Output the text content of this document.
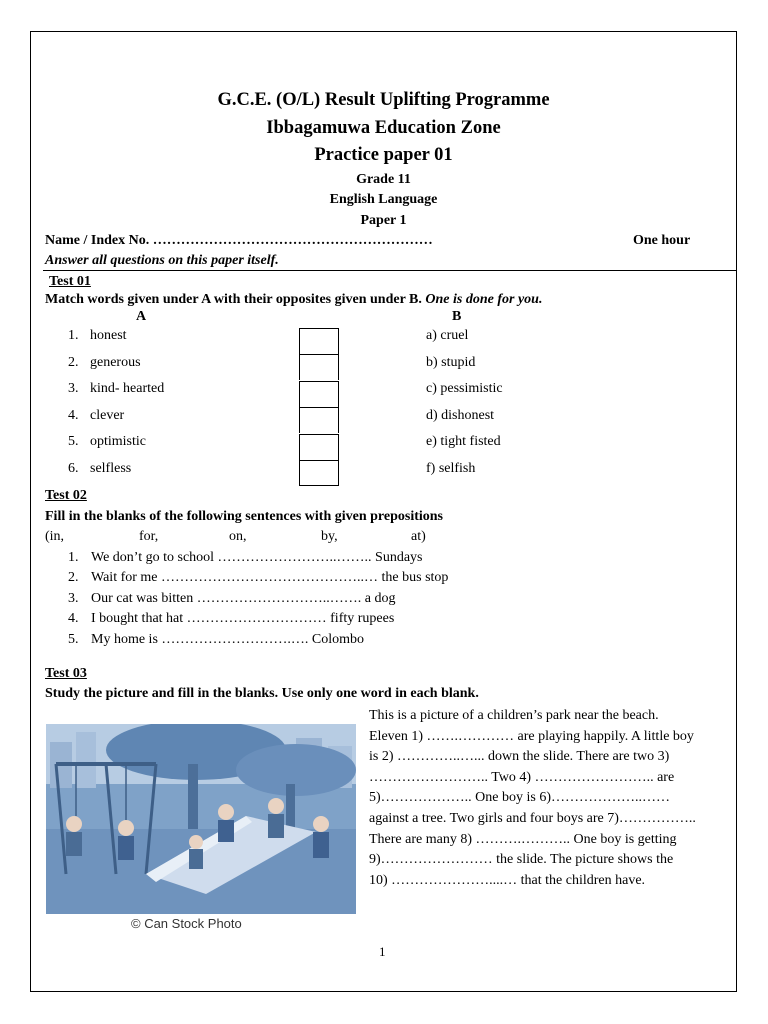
G.C.E. (O/L) Result Uplifting Programme
Ibbagamuwa Education Zone
Practice paper 01
Grade 11
English Language
Paper 1
Name / Index No. ……………………………………………………	One hour
Answer all questions on this paper itself.
Test 01
Match words given under A with their opposites given under B. One is done for you.
A	B
1. honest	a) cruel
2. generous	b) stupid
3. kind- hearted	c) pessimistic
4. clever	d) dishonest
5. optimistic	e) tight fisted
6. selfless	f) selfish
Test 02
Fill in the blanks of the following sentences with given prepositions
(in,	for,	on,	by,	at)
1. We don’t go to school ……………………..…….. Sundays
2. Wait for me ……………………………………..… the bus stop
3. Our cat was bitten ………………………..……. a dog
4. I bought that hat ………………………… fifty rupees
5. My home is ……………………….…. Colombo
Test 03
Study the picture and fill in the blanks. Use only one word in each blank.
© Can Stock Photo
This is a picture of a children’s park near the beach.
Eleven 1) …….………… are playing happily. A little boy
is 2) …………..…... down the slide. There are two 3)
…………………….. Two 4) …………………….. are
5)……………….. One boy is 6)………………..……
against a tree. Two girls and four boys are 7)……………..
There are many 8) ……….……….. One boy is getting
9)…………………… the slide. The picture shows the
10) …………………....… that the children have.
1
